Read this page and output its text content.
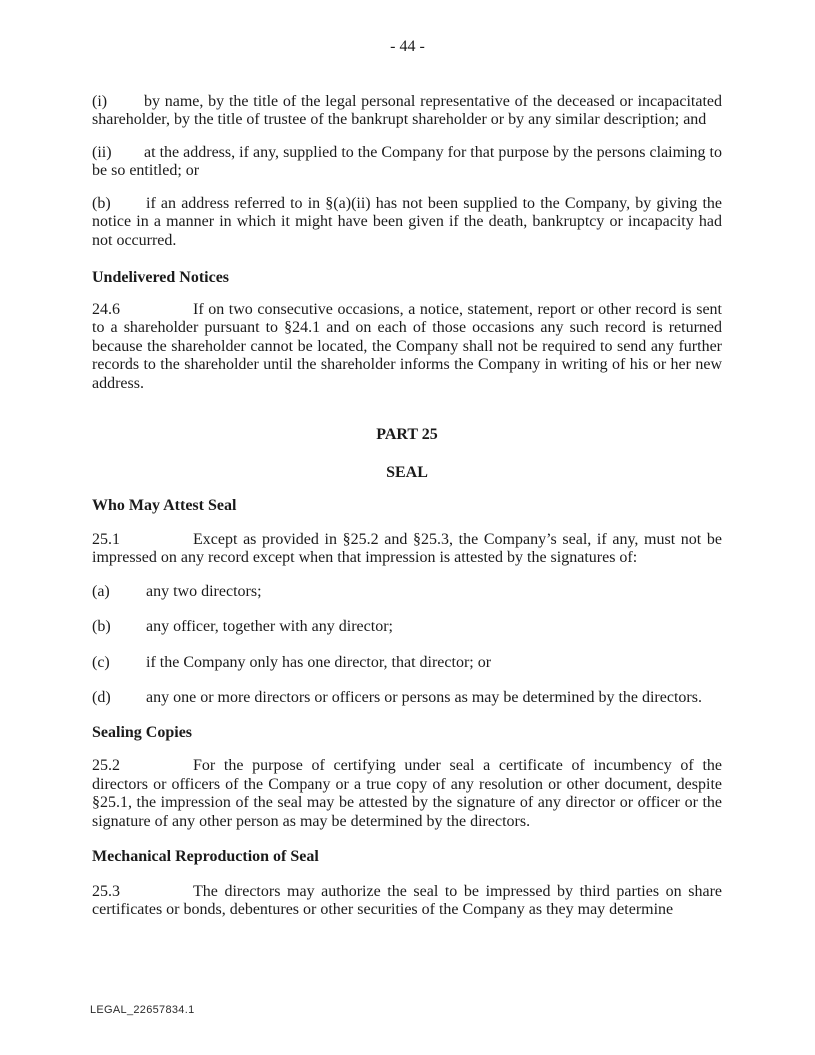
- 44 -

(i) by name, by the title of the legal personal representative of the deceased or incapacitated shareholder, by the title of trustee of the bankrupt shareholder or by any similar description; and

(ii) at the address, if any, supplied to the Company for that purpose by the persons claiming to be so entitled; or

(b) if an address referred to in §(a)(ii) has not been supplied to the Company, by giving the notice in a manner in which it might have been given if the death, bankruptcy or incapacity had not occurred.

Undelivered Notices

24.6	If on two consecutive occasions, a notice, statement, report or other record is sent to a shareholder pursuant to §24.1 and on each of those occasions any such record is returned because the shareholder cannot be located, the Company shall not be required to send any further records to the shareholder until the shareholder informs the Company in writing of his or her new address.

PART 25

SEAL

Who May Attest Seal

25.1	Except as provided in §25.2 and §25.3, the Company’s seal, if any, must not be impressed on any record except when that impression is attested by the signatures of:

(a) any two directors;

(b) any officer, together with any director;

(c) if the Company only has one director, that director; or

(d) any one or more directors or officers or persons as may be determined by the directors.

Sealing Copies

25.2	For the purpose of certifying under seal a certificate of incumbency of the directors or officers of the Company or a true copy of any resolution or other document, despite §25.1, the impression of the seal may be attested by the signature of any director or officer or the signature of any other person as may be determined by the directors.

Mechanical Reproduction of Seal

25.3	The directors may authorize the seal to be impressed by third parties on share certificates or bonds, debentures or other securities of the Company as they may determine

LEGAL_22657834.1
